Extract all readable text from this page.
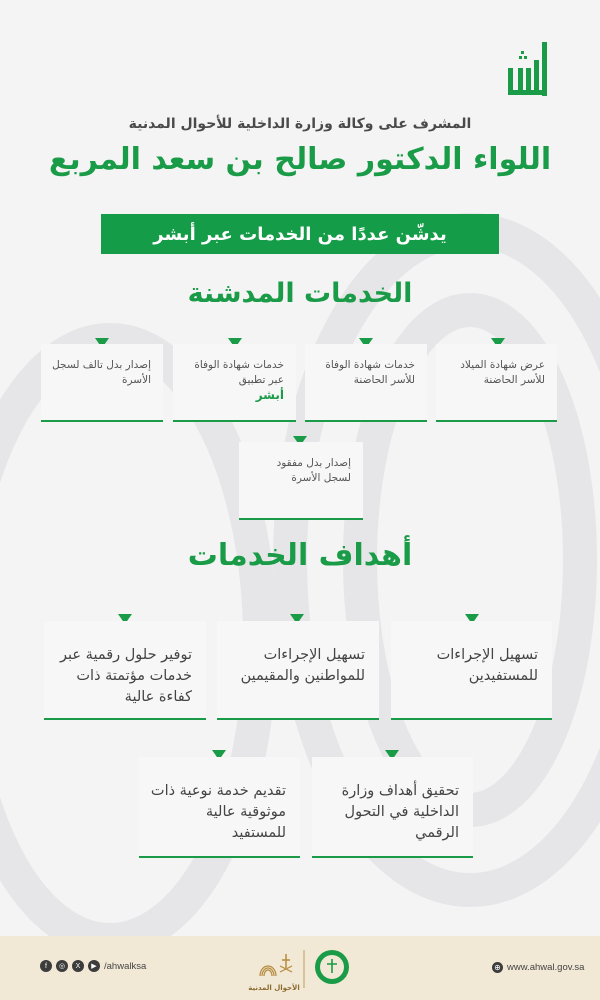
المشرف على وكالة وزارة الداخلية للأحوال المدنية
اللواء الدكتور صالح بن سعد المربع
يدشّن عددًا من الخدمات عبر أبشر
الخدمات المدشنة
عرض شهادة الميلاد للأسر الحاضنة
خدمات شهادة الوفاة للأسر الحاضنة
خدمات شهادة الوفاة عبر تطبيق
أبشر
إصدار بدل تالف لسجل الأسرة
إصدار بدل مفقود لسجل الأسرة
أهداف الخدمات
تسهيل الإجراءات للمستفيدين
تسهيل الإجراءات للمواطنين والمقيمين
توفير حلول رقمية عبر خدمات مؤتمتة ذات كفاءة عالية
تحقيق أهداف وزارة الداخلية في التحول الرقمي
تقديم خدمة نوعية ذات موثوقية عالية للمستفيد
f	◎	X	▶ /ahwalksa
الأحوال المدنية
⊕ www.ahwal.gov.sa
